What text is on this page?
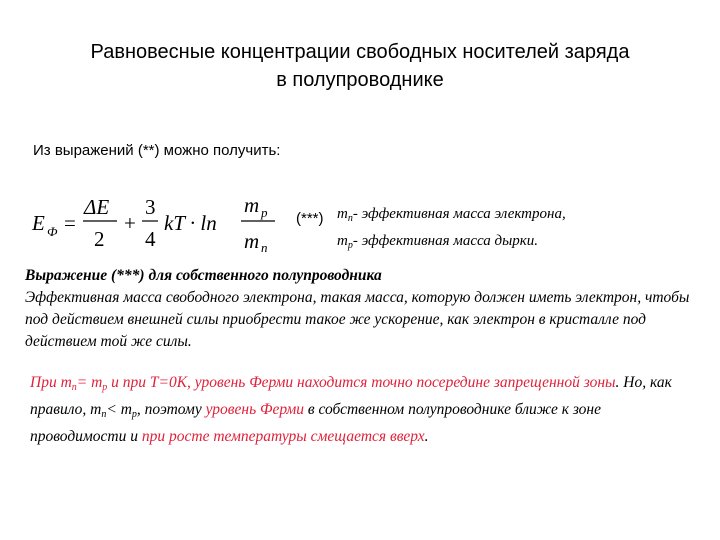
Равновесные концентрации свободных носителей заряда
в полупроводнике
Из выражений (**) можно получить:
E Ф =
ΔE
2
+
3
4
kT · ln
m p
m n
(***) $m_n-$ эффективная масса электрона,
$m_p-$ эффективная масса дырки.
Выражение (***) для собственного полупроводника
Эффективная масса свободного электрона, такая масса, которую должен иметь электрон, чтобы под действием внешней силы приобрести такое же ускорение, как электрон в кристалле под действием той же силы.
При $m_n= m_p$ и при Т=0К, уровень Ферми находится точно посередине запрещенной зоны. Но, как правило, $m_n< m_p$, поэтому уровень Ферми в собственном полупроводнике ближе к зоне проводимости и при росте температуры смещается вверх.
